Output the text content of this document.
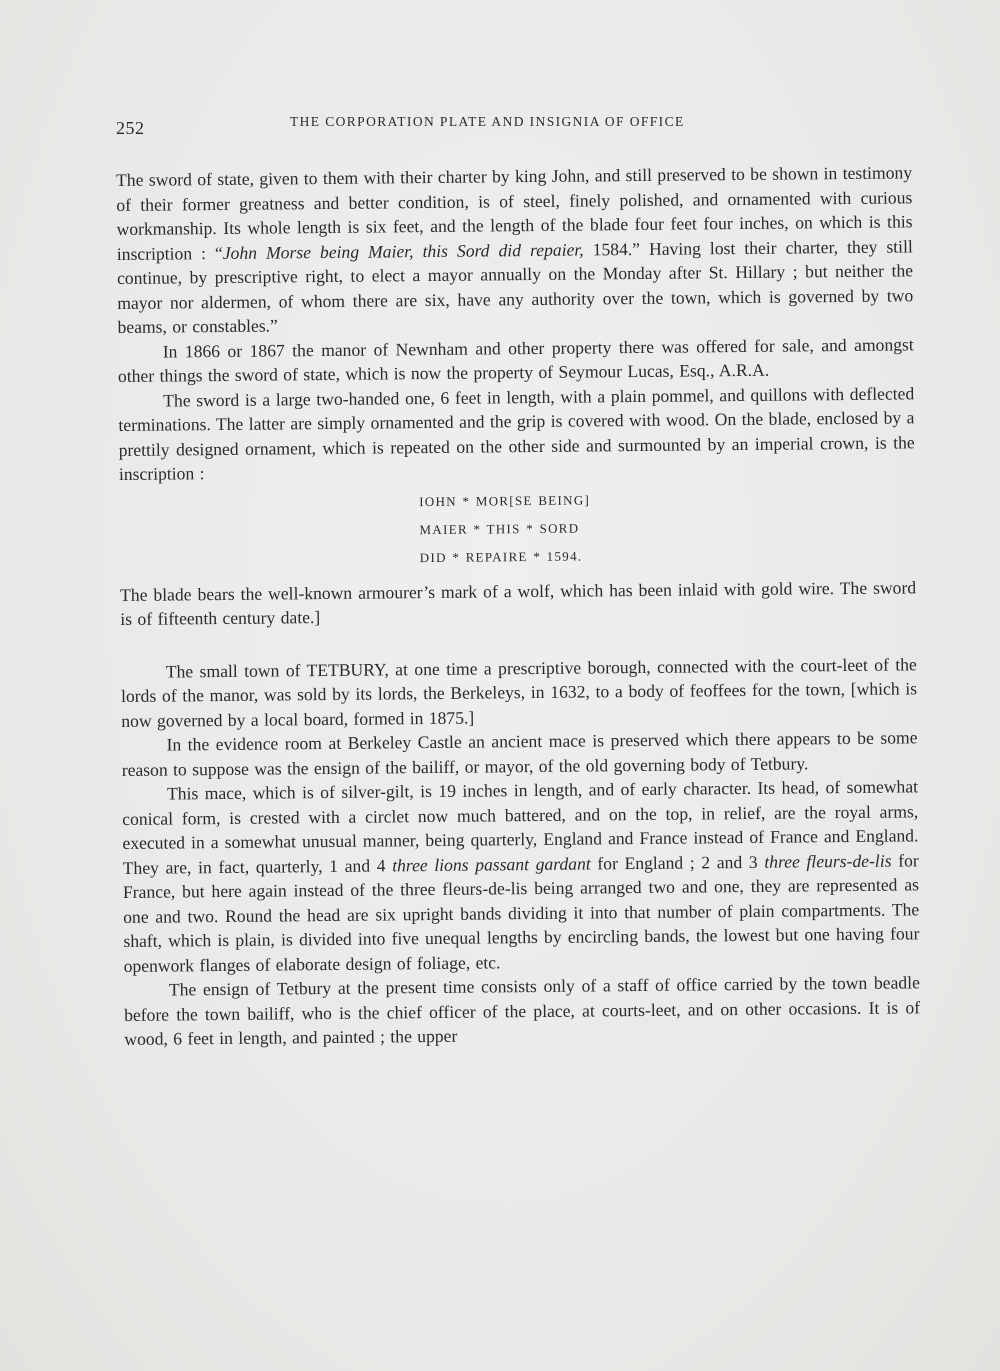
252	THE CORPORATION PLATE AND INSIGNIA OF OFFICE

The sword of state, given to them with their charter by king John, and still preserved to be shown in testimony of their former greatness and better condition, is of steel, finely polished, and ornamented with curious workmanship. Its whole length is six feet, and the length of the blade four feet four inches, on which is this inscription : “John Morse being Maier, this Sord did repaier, 1584.” Having lost their charter, they still continue, by prescriptive right, to elect a mayor annually on the Monday after St. Hillary ; but neither the mayor nor aldermen, of whom there are six, have any authority over the town, which is governed by two beams, or constables.”

In 1866 or 1867 the manor of Newnham and other property there was offered for sale, and amongst other things the sword of state, which is now the property of Seymour Lucas, Esq., A.R.A.

The sword is a large two-handed one, 6 feet in length, with a plain pommel, and quillons with deflected terminations. The latter are simply ornamented and the grip is covered with wood. On the blade, enclosed by a prettily designed ornament, which is repeated on the other side and surmounted by an imperial crown, is the inscription :

IOHN * MOR[SE BEING]
MAIER * THIS * SORD
DID * REPAIRE * 1594.

The blade bears the well-known armourer’s mark of a wolf, which has been inlaid with gold wire. The sword is of fifteenth century date.]

The small town of TETBURY, at one time a prescriptive borough, connected with the court-leet of the lords of the manor, was sold by its lords, the Berkeleys, in 1632, to a body of feoffees for the town, [which is now governed by a local board, formed in 1875.]

In the evidence room at Berkeley Castle an ancient mace is preserved which there appears to be some reason to suppose was the ensign of the bailiff, or mayor, of the old governing body of Tetbury.

This mace, which is of silver-gilt, is 19 inches in length, and of early character. Its head, of somewhat conical form, is crested with a circlet now much battered, and on the top, in relief, are the royal arms, executed in a somewhat unusual manner, being quarterly, England and France instead of France and England. They are, in fact, quarterly, 1 and 4 three lions passant gardant for England ; 2 and 3 three fleurs-de-lis for France, but here again instead of the three fleurs-de-lis being arranged two and one, they are represented as one and two. Round the head are six upright bands dividing it into that number of plain compartments. The shaft, which is plain, is divided into five unequal lengths by encircling bands, the lowest but one having four openwork flanges of elaborate design of foliage, etc.

The ensign of Tetbury at the present time consists only of a staff of office carried by the town beadle before the town bailiff, who is the chief officer of the place, at courts-leet, and on other occasions. It is of wood, 6 feet in length, and painted ; the upper
